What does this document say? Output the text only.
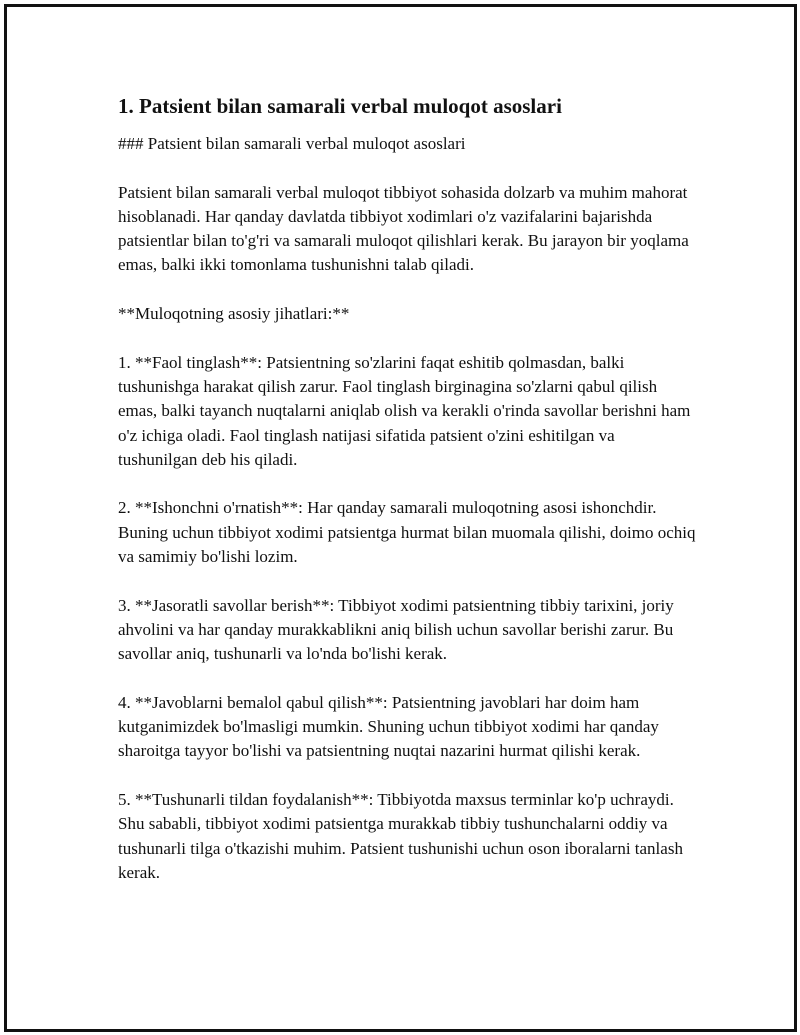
1. Patsient bilan samarali verbal muloqot asoslari

### Patsient bilan samarali verbal muloqot asoslari

Patsient bilan samarali verbal muloqot tibbiyot sohasida dolzarb va muhim mahorat hisoblanadi. Har qanday davlatda tibbiyot xodimlari o'z vazifalarini bajarishda patsientlar bilan to'g'ri va samarali muloqot qilishlari kerak. Bu jarayon bir yoqlama emas, balki ikki tomonlama tushunishni talab qiladi.

**Muloqotning asosiy jihatlari:**

1. **Faol tinglash**: Patsientning so'zlarini faqat eshitib qolmasdan, balki tushunishga harakat qilish zarur. Faol tinglash birginagina so'zlarni qabul qilish emas, balki tayanch nuqtalarni aniqlab olish va kerakli o'rinda savollar berishni ham o'z ichiga oladi. Faol tinglash natijasi sifatida patsient o'zini eshitilgan va tushunilgan deb his qiladi.

2. **Ishonchni o'rnatish**: Har qanday samarali muloqotning asosi ishonchdir. Buning uchun tibbiyot xodimi patsientga hurmat bilan muomala qilishi, doimo ochiq va samimiy bo'lishi lozim.

3. **Jasoratli savollar berish**: Tibbiyot xodimi patsientning tibbiy tarixini, joriy ahvolini va har qanday murakkablikni aniq bilish uchun savollar berishi zarur. Bu savollar aniq, tushunarli va lo'nda bo'lishi kerak.

4. **Javoblarni bemalol qabul qilish**: Patsientning javoblari har doim ham kutganimizdek bo'lmasligi mumkin. Shuning uchun tibbiyot xodimi har qanday sharoitga tayyor bo'lishi va patsientning nuqtai nazarini hurmat qilishi kerak.

5. **Tushunarli tildan foydalanish**: Tibbiyotda maxsus terminlar ko'p uchraydi. Shu sababli, tibbiyot xodimi patsientga murakkab tibbiy tushunchalarni oddiy va tushunarli tilga o'tkazishi muhim. Patsient tushunishi uchun oson iboralarni tanlash kerak.
